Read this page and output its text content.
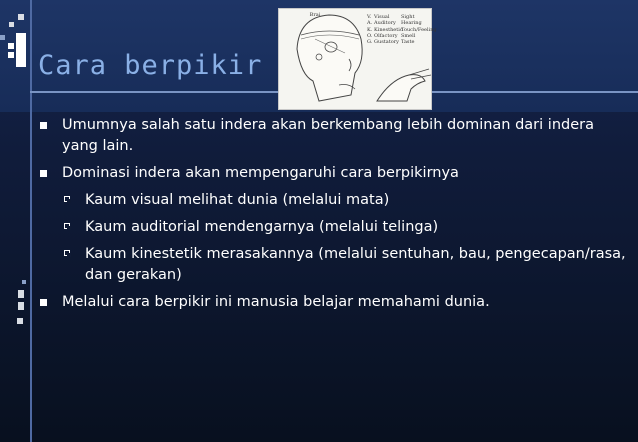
Cara berpikir
Brai	V.
A.
K.
O.
G.
Visual
Auditory
Kinesthetic
Olfactory
Gustatory
Sight
Hearing
Touch/Feeling
Smell
Taste
Umumnya salah satu indera akan berkembang lebih dominan dari indera yang lain.
Dominasi indera akan mempengaruhi cara berpikirnya
Kaum visual melihat dunia (melalui mata)
Kaum auditorial mendengarnya (melalui telinga)
Kaum kinestetik merasakannya (melalui sentuhan, bau, pengecapan/rasa, dan gerakan)
Melalui cara berpikir ini manusia belajar memahami dunia.
